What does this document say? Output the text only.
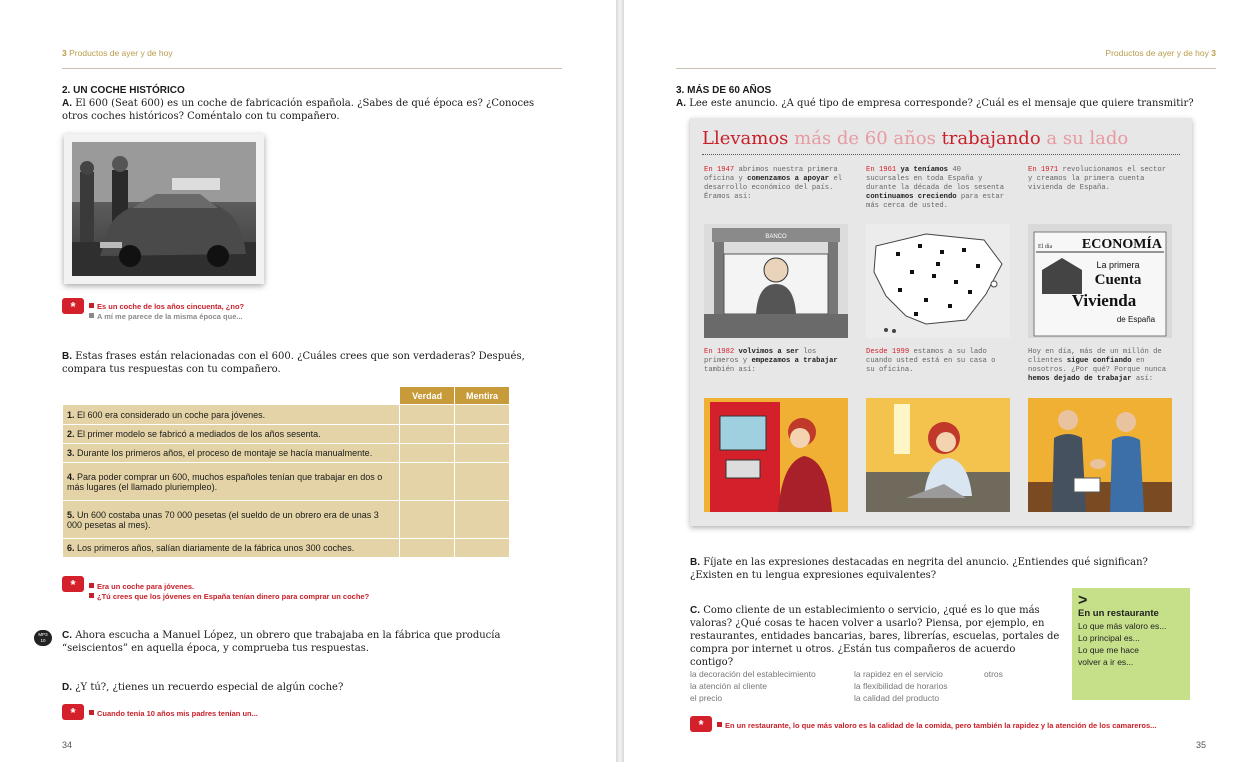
3 Productos de ayer y de hoy
2. UN COCHE HISTÓRICO
A. El 600 (Seat 600) es un coche de fabricación española. ¿Sabes de qué época es? ¿Conoces otros coches históricos? Coméntalo con tu compañero.
*	Es un coche de los años cincuenta, ¿no?
A mí me parece de la misma época que...
B. Estas frases están relacionadas con el 600. ¿Cuáles crees que son verdaderas? Después, compara tus respuestas con tu compañero.
	Verdad	Mentira
1. El 600 era considerado un coche para jóvenes.		
2. El primer modelo se fabricó a mediados de los años sesenta.		
3. Durante los primeros años, el proceso de montaje se hacía manualmente.		
4. Para poder comprar un 600, muchos españoles tenían que trabajar en dos o más lugares (el llamado pluriempleo).		
5. Un 600 costaba unas 70 000 pesetas (el sueldo de un obrero era de unas 3 000 pesetas al mes).		
6. Los primeros años, salían diariamente de la fábrica unos 300 coches.		
*	Era un coche para jóvenes.
¿Tú crees que los jóvenes en España tenían dinero para comprar un coche?
MP3
10	C. Ahora escucha a Manuel López, un obrero que trabajaba en la fábrica que producía “seiscientos” en aquella época, y comprueba tus respuestas.
D. ¿Y tú?, ¿tienes un recuerdo especial de algún coche?
*	Cuando tenía 10 años mis padres tenían un...
34
Productos de ayer y de hoy 3
3. MÁS DE 60 AÑOS
A. Lee este anuncio. ¿A qué tipo de empresa corresponde? ¿Cuál es el mensaje que quiere transmitir?
Llevamos más de 60 años trabajando a su lado
En 1947 abrimos nuestra primera oficina y comenzamos a apoyar el desarrollo económico del país. Éramos así:
En 1961 ya teníamos 40 sucursales en toda España y durante la década de los sesenta continuamos creciendo para estar más cerca de usted.
En 1971 revolucionamos el sector y creamos la primera cuenta vivienda de España.
BANCO
El día ECONOMÍA
La primera
Cuenta
Vivienda
de España
En 1982 volvimos a ser los primeros y empezamos a trabajar también así:
Desde 1999 estamos a su lado cuando usted está en su casa o su oficina.
Hoy en día, más de un millón de clientes sigue confiando en nosotros. ¿Por qué? Porque nunca hemos dejado de trabajar así:
B. Fíjate en las expresiones destacadas en negrita del anuncio. ¿Entiendes qué significan? ¿Existen en tu lengua expresiones equivalentes?
C. Como cliente de un establecimiento o servicio, ¿qué es lo que más valoras? ¿Qué cosas te hacen volver a usarlo? Piensa, por ejemplo, en restaurantes, entidades bancarias, bares, librerías, escuelas, portales de compra por internet u otros. ¿Están tus compañeros de acuerdo contigo?
la decoración del establecimiento
la atención al cliente
el precio
la rapidez en el servicio
la flexibilidad de horarios
la calidad del producto
otros
>
En un restaurante
Lo que más valoro es...
Lo principal es...
Lo que me hace
volver a ir es...
*	En un restaurante, lo que más valoro es la calidad de la comida, pero también la rapidez y la atención de los camareros...
35
